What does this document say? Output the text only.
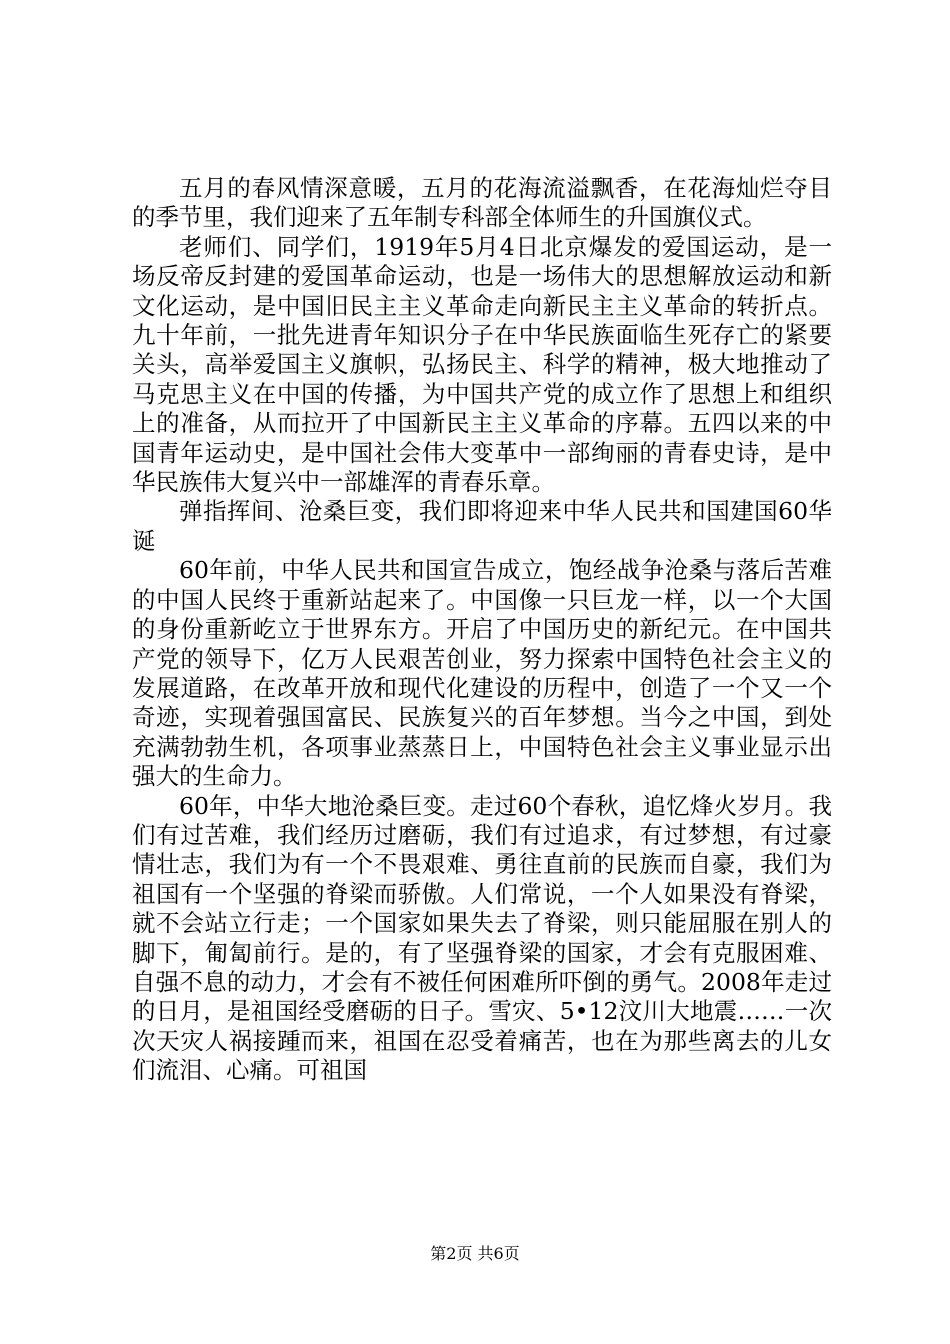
五月的春风情深意暖，五月的花海流溢飘香，在花海灿烂夺目的季节里，我们迎来了五年制专科部全体师生的升国旗仪式。

老师们、同学们，1919年5月4日北京爆发的爱国运动，是一场反帝反封建的爱国革命运动，也是一场伟大的思想解放运动和新文化运动，是中国旧民主主义革命走向新民主主义革命的转折点。九十年前，一批先进青年知识分子在中华民族面临生死存亡的紧要关头，高举爱国主义旗帜，弘扬民主、科学的精神，极大地推动了马克思主义在中国的传播，为中国共产党的成立作了思想上和组织上的准备，从而拉开了中国新民主主义革命的序幕。五四以来的中国青年运动史，是中国社会伟大变革中一部绚丽的青春史诗，是中华民族伟大复兴中一部雄浑的青春乐章。

弹指挥间、沧桑巨变，我们即将迎来中华人民共和国建国60华诞

60年前，中华人民共和国宣告成立，饱经战争沧桑与落后苦难的中国人民终于重新站起来了。中国像一只巨龙一样，以一个大国的身份重新屹立于世界东方。开启了中国历史的新纪元。在中国共产党的领导下，亿万人民艰苦创业，努力探索中国特色社会主义的发展道路，在改革开放和现代化建设的历程中，创造了一个又一个奇迹，实现着强国富民、民族复兴的百年梦想。当今之中国，到处充满勃勃生机，各项事业蒸蒸日上，中国特色社会主义事业显示出强大的生命力。

60年，中华大地沧桑巨变。走过60个春秋，追忆烽火岁月。我们有过苦难，我们经历过磨砺，我们有过追求，有过梦想，有过豪情壮志，我们为有一个不畏艰难、勇往直前的民族而自豪，我们为祖国有一个坚强的脊梁而骄傲。人们常说，一个人如果没有脊梁，就不会站立行走；一个国家如果失去了脊梁，则只能屈服在别人的脚下，匍匐前行。是的，有了坚强脊梁的国家，才会有克服困难、自强不息的动力，才会有不被任何困难所吓倒的勇气。2008年走过的日月，是祖国经受磨砺的日子。雪灾、5•12汶川大地震……一次次天灾人祸接踵而来，祖国在忍受着痛苦，也在为那些离去的儿女们流泪、心痛。可祖国

第2页 共6页
